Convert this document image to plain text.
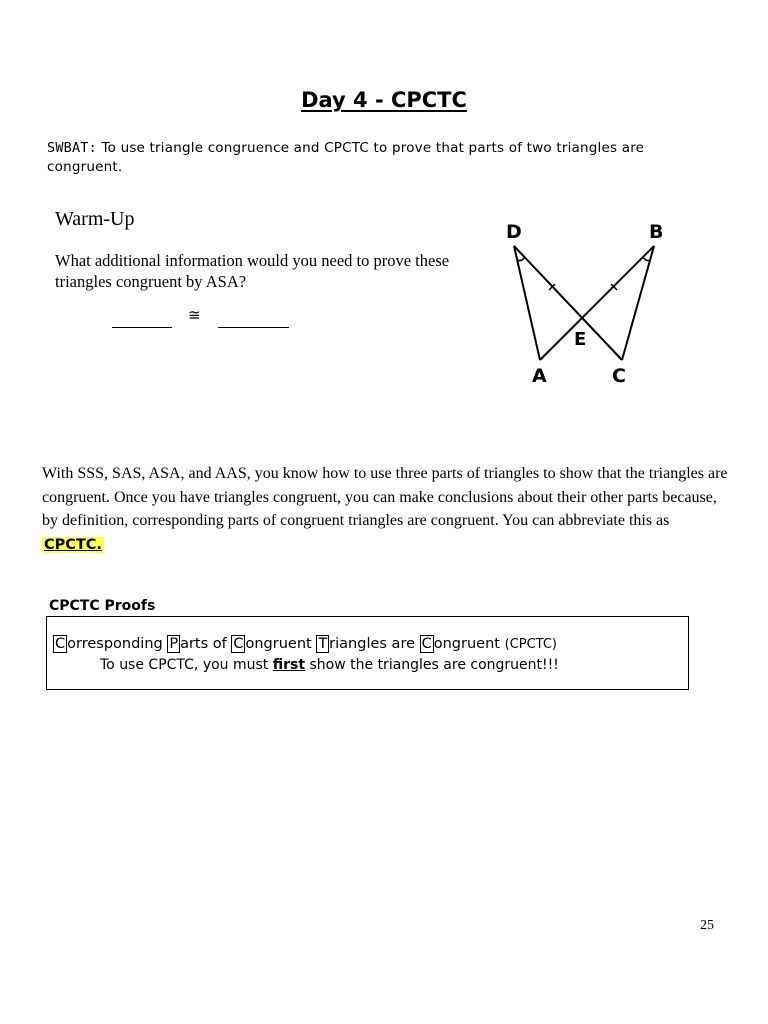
Day 4 - CPCTC
SWBAT: To use triangle congruence and CPCTC to prove that parts of two triangles are congruent.
Warm-Up
What additional information would you need to prove these triangles congruent by ASA?
≅
D	B
E
A	C
With SSS, SAS, ASA, and AAS, you know how to use three parts of triangles to show that the triangles are congruent. Once you have triangles congruent, you can make conclusions about their other parts because, by definition, corresponding parts of congruent triangles are congruent. You can abbreviate this as CPCTC.
CPCTC Proofs
C orresponding P arts of C ongruent T riangles are C ongruent (CPCTC)
To use CPCTC, you must first show the triangles are congruent!!!
25
